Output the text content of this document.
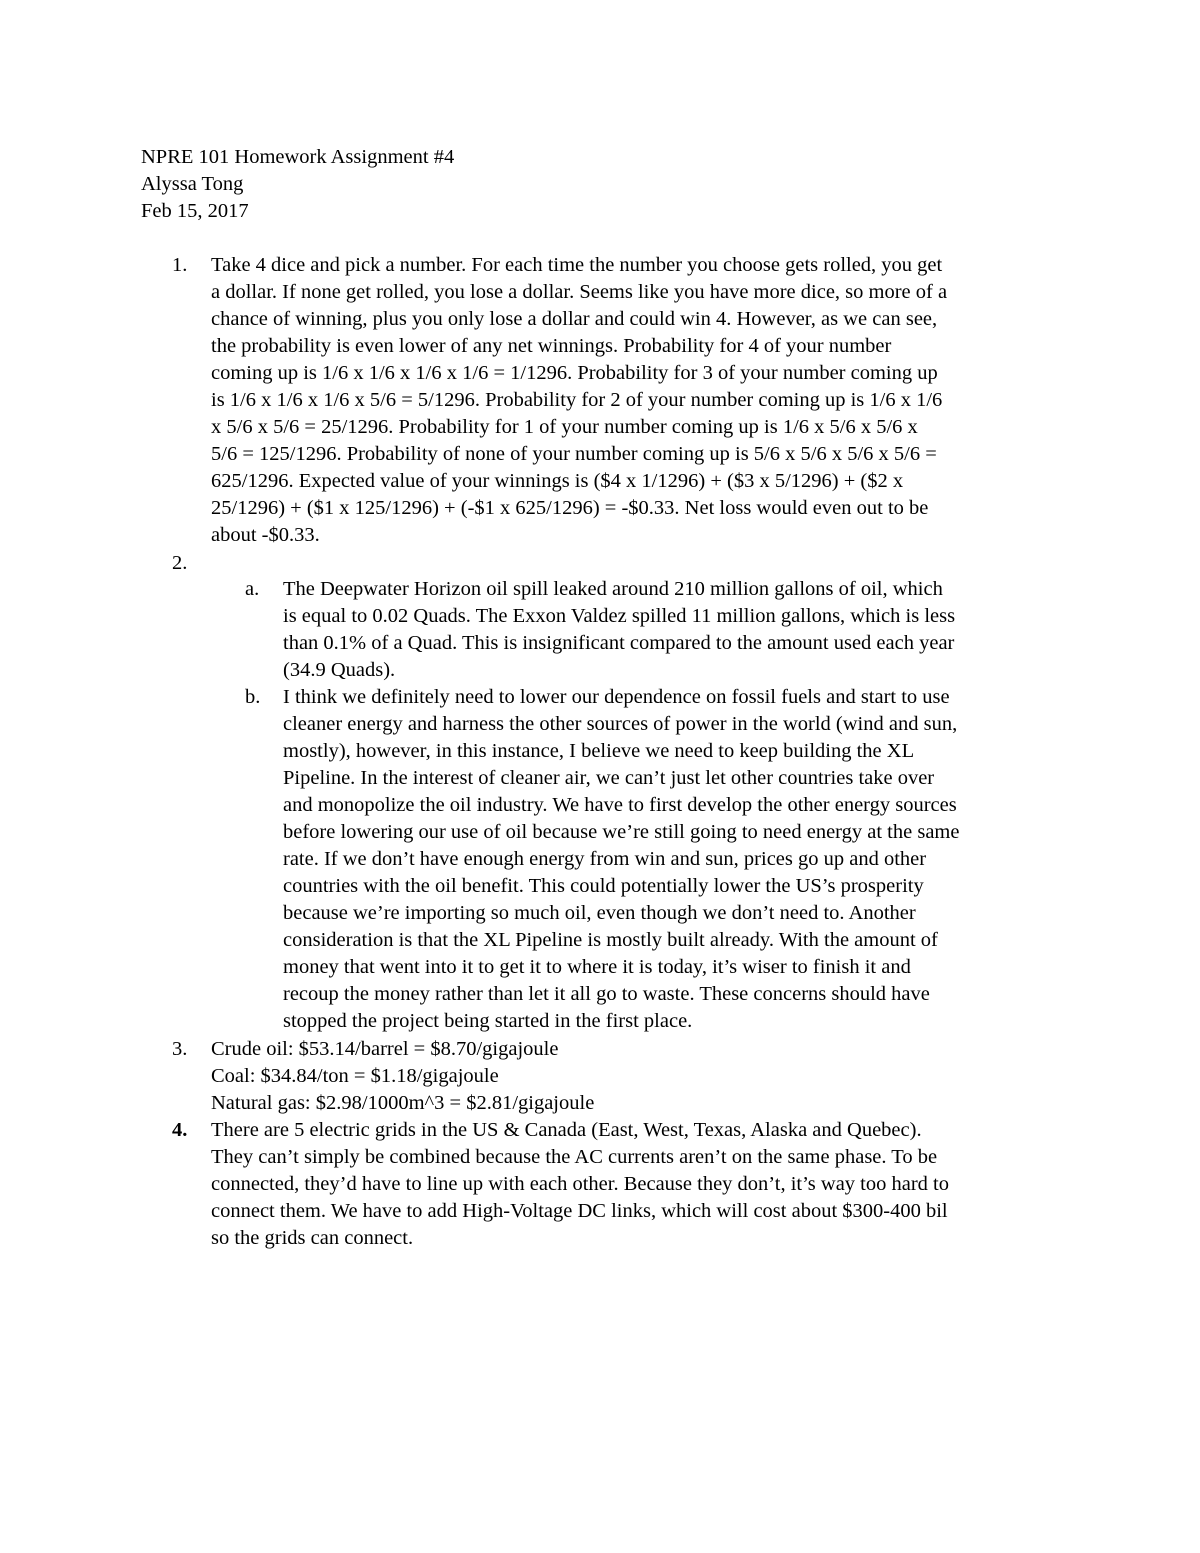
NPRE 101 Homework Assignment #4
Alyssa Tong
Feb 15, 2017
1.	Take 4 dice and pick a number. For each time the number you choose gets rolled, you get
a dollar. If none get rolled, you lose a dollar. Seems like you have more dice, so more of a
chance of winning, plus you only lose a dollar and could win 4. However, as we can see,
the probability is even lower of any net winnings. Probability for 4 of your number
coming up is 1/6 x 1/6 x 1/6 x 1/6 = 1/1296. Probability for 3 of your number coming up
is 1/6 x 1/6 x 1/6 x 5/6 = 5/1296. Probability for 2 of your number coming up is 1/6 x 1/6
x 5/6 x 5/6 = 25/1296. Probability for 1 of your number coming up is 1/6 x 5/6 x 5/6 x
5/6 = 125/1296. Probability of none of your number coming up is 5/6 x 5/6 x 5/6 x 5/6 =
625/1296. Expected value of your winnings is ($4 x 1/1296) + ($3 x 5/1296) + ($2 x
25/1296) + ($1 x 125/1296) + (-$1 x 625/1296) = -$0.33. Net loss would even out to be
about -$0.33.
2.
a.	The Deepwater Horizon oil spill leaked around 210 million gallons of oil, which
is equal to 0.02 Quads. The Exxon Valdez spilled 11 million gallons, which is less
than 0.1% of a Quad. This is insignificant compared to the amount used each year
(34.9 Quads).
b.	I think we definitely need to lower our dependence on fossil fuels and start to use
cleaner energy and harness the other sources of power in the world (wind and sun,
mostly), however, in this instance, I believe we need to keep building the XL
Pipeline. In the interest of cleaner air, we can’t just let other countries take over
and monopolize the oil industry. We have to first develop the other energy sources
before lowering our use of oil because we’re still going to need energy at the same
rate. If we don’t have enough energy from win and sun, prices go up and other
countries with the oil benefit. This could potentially lower the US’s prosperity
because we’re importing so much oil, even though we don’t need to. Another
consideration is that the XL Pipeline is mostly built already. With the amount of
money that went into it to get it to where it is today, it’s wiser to finish it and
recoup the money rather than let it all go to waste. These concerns should have
stopped the project being started in the first place.
3.	Crude oil: $53.14/barrel = $8.70/gigajoule
Coal: $34.84/ton = $1.18/gigajoule
Natural gas: $2.98/1000m^3 = $2.81/gigajoule
4.	There are 5 electric grids in the US & Canada (East, West, Texas, Alaska and Quebec).
They can’t simply be combined because the AC currents aren’t on the same phase. To be
connected, they’d have to line up with each other. Because they don’t, it’s way too hard to
connect them. We have to add High-Voltage DC links, which will cost about $300-400 bil
so the grids can connect.
